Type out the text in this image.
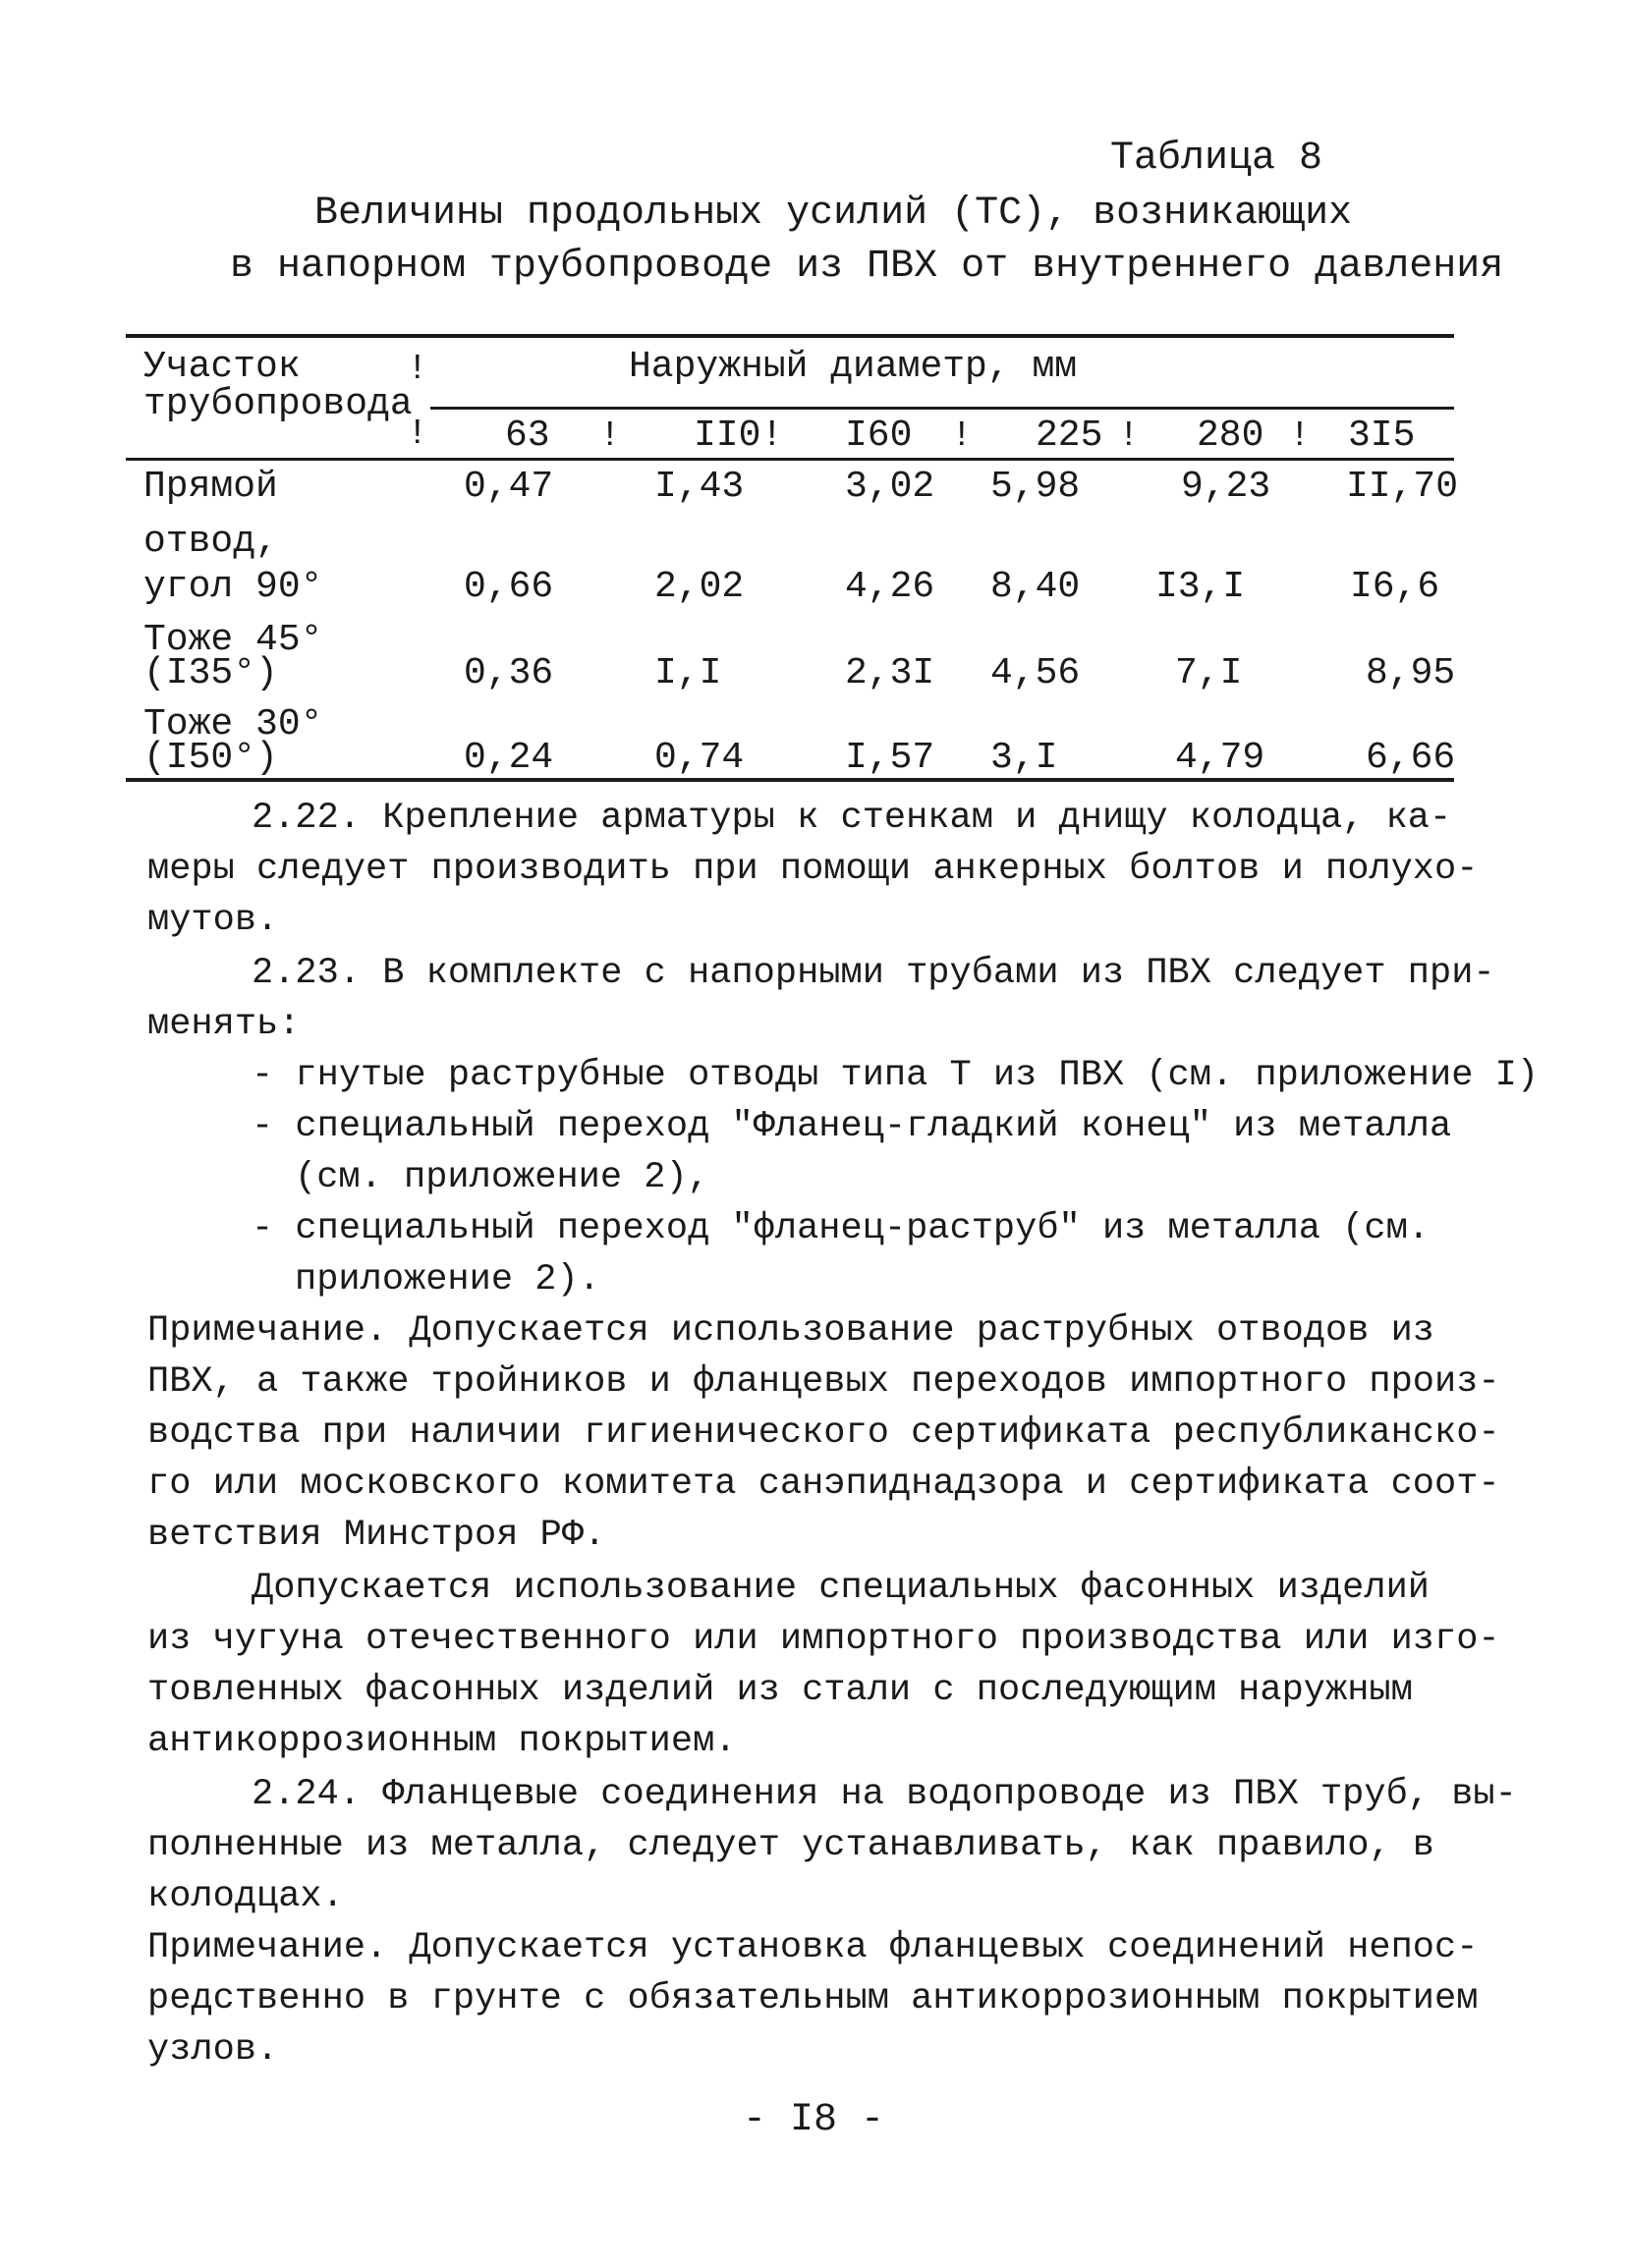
Таблица 8
Величины продольных усилий (ТС), возникающих
в напорном трубопроводе из ПВХ от внутреннего давления
Участок
трубопровода
!
!
Наружный диаметр, мм
63 ! II0! I60 ! 225 ! 280 ! 3I5
Прямой	0,47	I,43	3,02 5,98	9,23 II,70
отвод,
угол 90°	0,66	2,02	4,26 8,40 I3,I	I6,6
Тоже 45°
(I35°)	0,36	I,I	2,3I 4,56	7,I	8,95
Тоже 30°
(I50°)	0,24	0,74	I,57 3,I	4,79	6,66
2.22. Крепление арматуры к стенкам и днищу колодца, ка-
меры следует производить при помощи анкерных болтов и полухо-
мутов.
2.23. В комплекте с напорными трубами из ПВХ следует при-
менять:
- гнутые раструбные отводы типа Т из ПВХ (см. приложение I)
- специальный переход "Фланец-гладкий конец" из металла
(см. приложение 2),
- специальный переход "фланец-раструб" из металла (см.
приложение 2).
Примечание. Допускается использование раструбных отводов из
ПВХ, а также тройников и фланцевых переходов импортного произ-
водства при наличии гигиенического сертификата республиканско-
го или московского комитета санэпиднадзора и сертификата соот-
ветствия Минстроя РФ.
Допускается использование специальных фасонных изделий
из чугуна отечественного или импортного производства или изго-
товленных фасонных изделий из стали с последующим наружным
антикоррозионным покрытием.
2.24. Фланцевые соединения на водопроводе из ПВХ труб, вы-
полненные из металла, следует устанавливать, как правило, в
колодцах.
Примечание. Допускается установка фланцевых соединений непос-
редственно в грунте с обязательным антикоррозионным покрытием
узлов.
- I8 -
